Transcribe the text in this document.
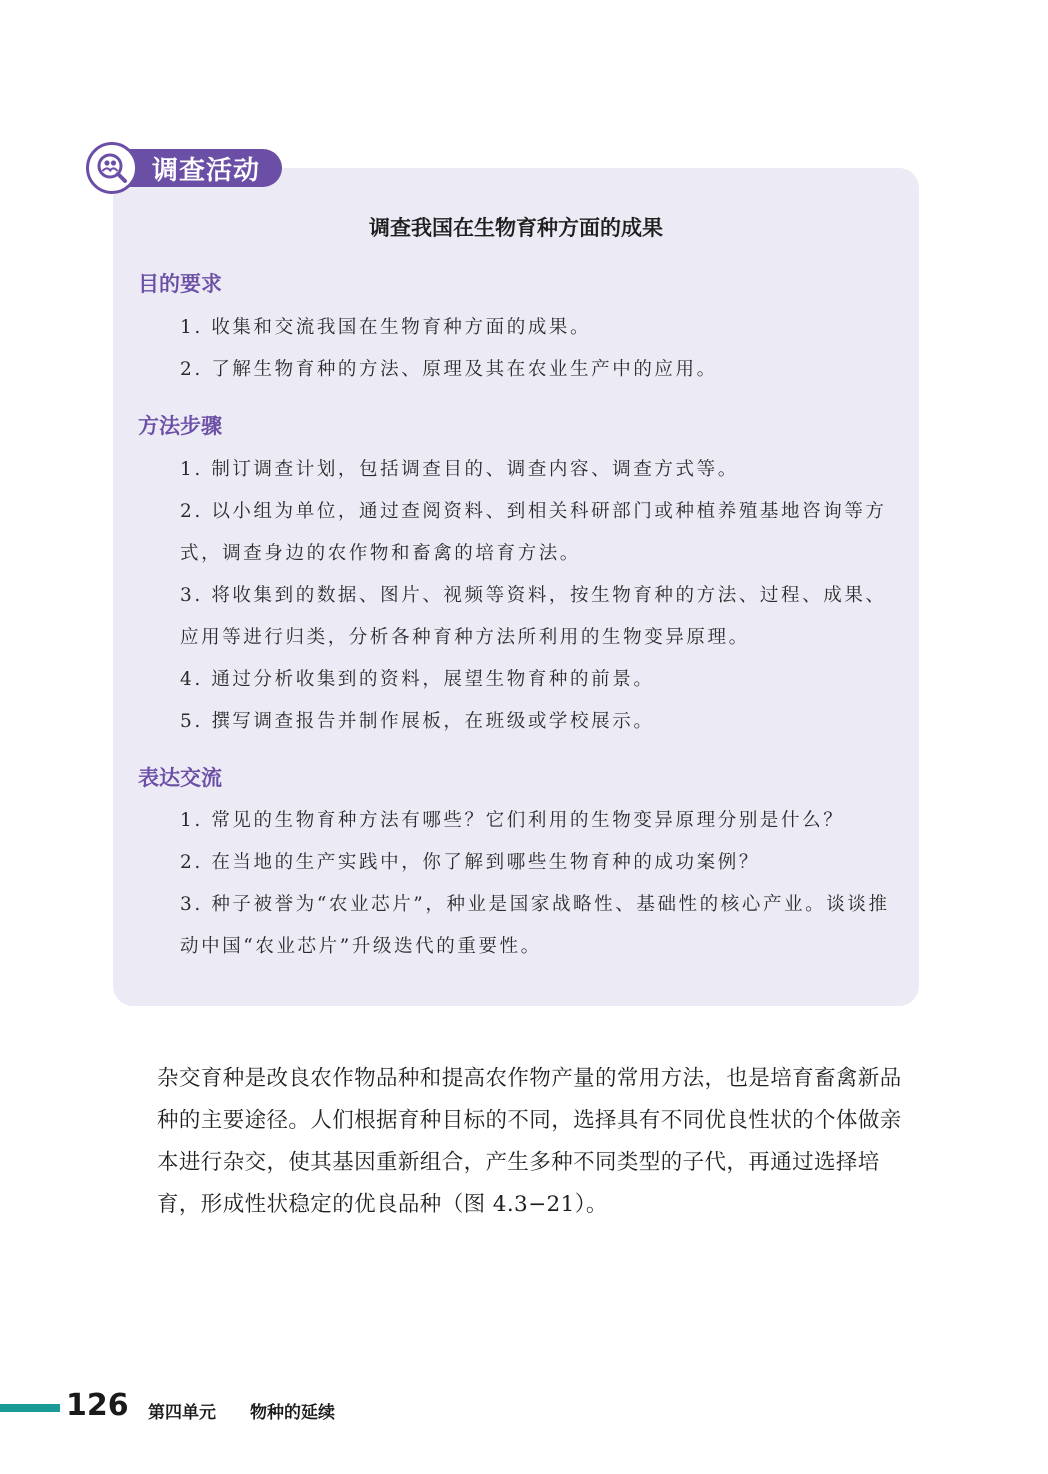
调查活动
调查我国在生物育种方面的成果
目的要求
1. 收集和交流我国在生物育种方面的成果。
2. 了解生物育种的方法、原理及其在农业生产中的应用。
方法步骤
1. 制订调查计划，包括调查目的、调查内容、调查方式等。
2. 以小组为单位，通过查阅资料、到相关科研部门或种植养殖基地咨询等方式，调查身边的农作物和畜禽的培育方法。
3. 将收集到的数据、图片、视频等资料，按生物育种的方法、过程、成果、应用等进行归类，分析各种育种方法所利用的生物变异原理。
4. 通过分析收集到的资料，展望生物育种的前景。
5. 撰写调查报告并制作展板，在班级或学校展示。
表达交流
1. 常见的生物育种方法有哪些？它们利用的生物变异原理分别是什么？
2. 在当地的生产实践中，你了解到哪些生物育种的成功案例？
3. 种子被誉为“农业芯片”，种业是国家战略性、基础性的核心产业。谈谈推动中国“农业芯片”升级迭代的重要性。
杂交育种是改良农作物品种和提高农作物产量的常用方法，也是培育畜禽新品种的主要途径。人们根据育种目标的不同，选择具有不同优良性状的个体做亲本进行杂交，使其基因重新组合，产生多种不同类型的子代，再通过选择培育，形成性状稳定的优良品种（图 4.3−21）。
126 第四单元 物种的延续
